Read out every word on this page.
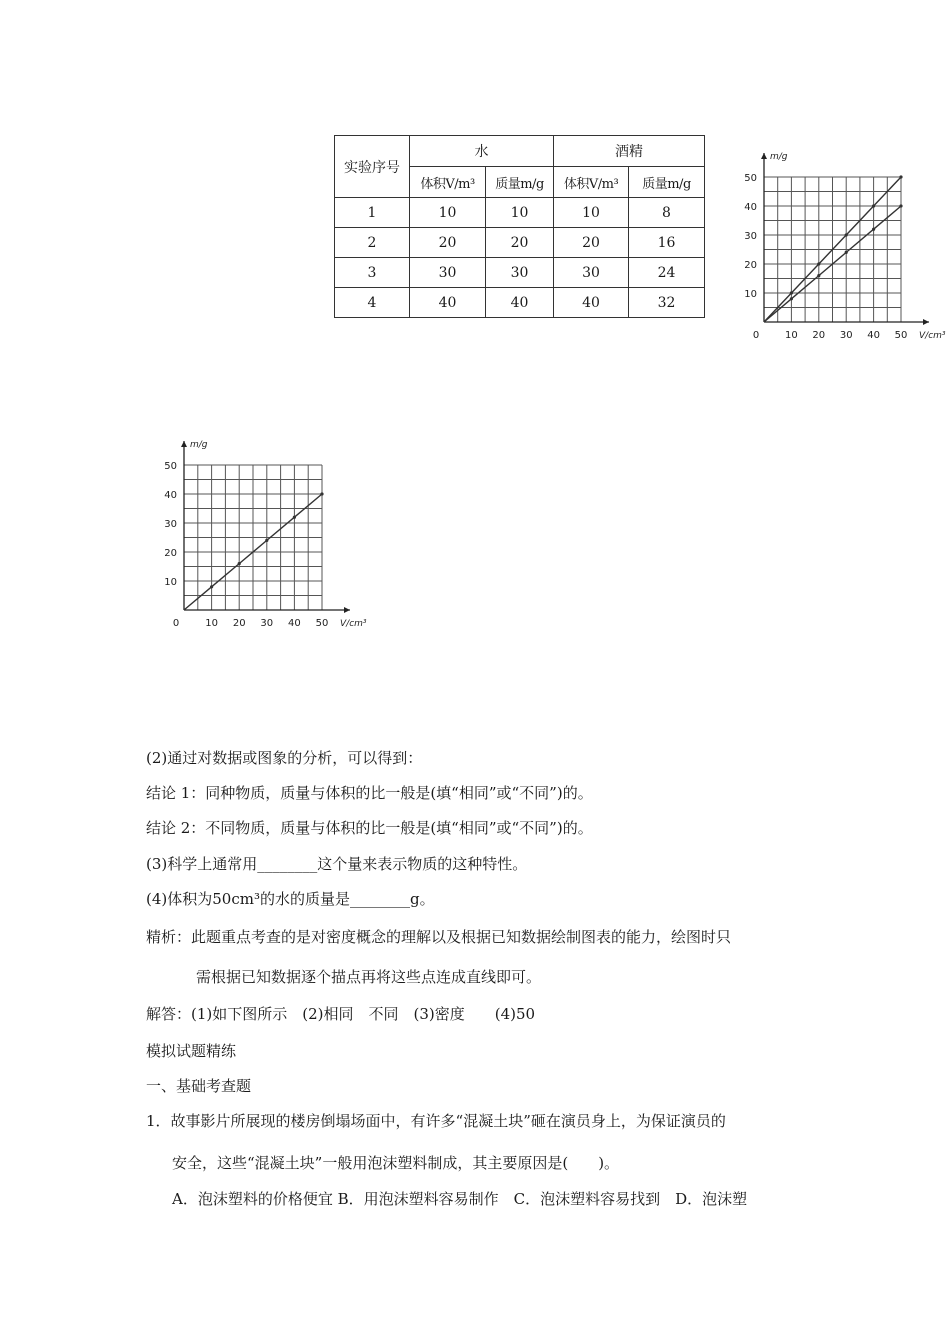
实验序号	水		酒精	
	体积V/m³	质量m/g	体积V/m³	质量m/g
1	10	10	10	8
2	20	20	20	16
3	30	30	30	24
4	40	40	40	32
10 20 30 40 50
10
20
30
40
50
0
m/g
V/cm³
10 20 30 40 50
10
20
30
40
50
0
m/g
V/cm³
(2)通过对数据或图象的分析，可以得到：
结论 1：同种物质，质量与体积的比一般是(填“相同”或“不同”)的。
结论 2：不同物质，质量与体积的比一般是(填“相同”或“不同”)的。
(3)科学上通常用________这个量来表示物质的这种特性。
(4)体积为50cm³的水的质量是________g。
精析：此题重点考查的是对密度概念的理解以及根据已知数据绘制图表的能力，绘图时只
需根据已知数据逐个描点再将这些点连成直线即可。
解答：(1)如下图所示　(2)相同　不同　(3)密度　　(4)50
模拟试题精练
一、基础考查题
1．故事影片所展现的楼房倒塌场面中，有许多“混凝土块”砸在演员身上，为保证演员的
安全，这些“混凝土块”一般用泡沫塑料制成，其主要原因是(　　)。
A．泡沫塑料的价格便宜 B．用泡沫塑料容易制作　C．泡沫塑料容易找到　D．泡沫塑
